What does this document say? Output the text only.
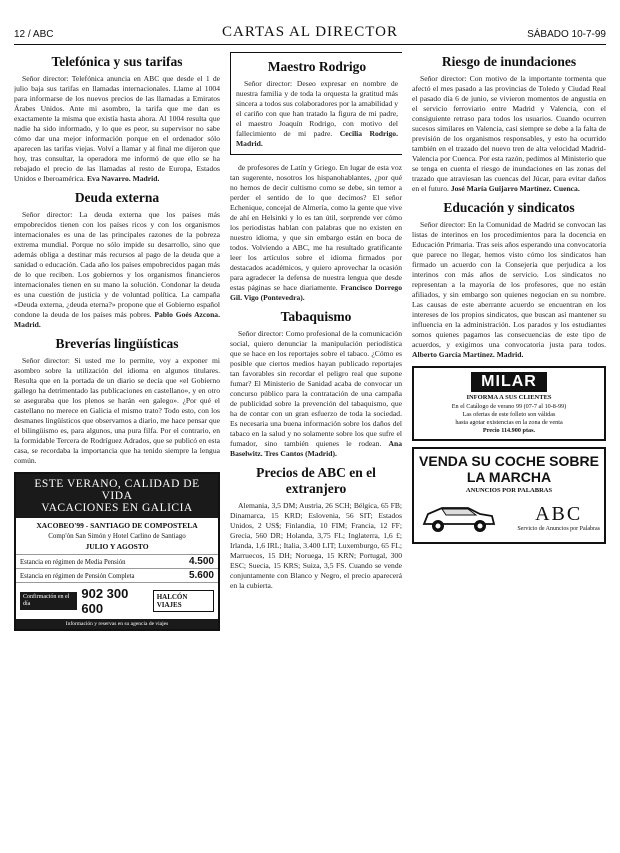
12 / ABC	CARTAS AL DIRECTOR	SÁBADO 10-7-99
Telefónica y sus tarifas

Señor director: Telefónica anuncia en ABC que desde el 1 de julio baja sus tarifas en llamadas internacionales. Llame al 1004 para informarse de los nuevos precios de las llamadas a Emiratos Árabes Unidos. Ante mi asombro, la tarifa que me dan es exactamente la misma que existía hasta ahora. Al 1004 resulta que nadie ha sido informado, y lo que es peor, su supervisor no sabe cómo dar una mejor información porque en el ordenador sólo aparecen las tarifas viejas. Volví a llamar y al final me dijeron que hoy, tras consultar, la operadora me informó de que ello se ha rebajado el precio de las llamadas al resto de Europa, Estados Unidos e Iberoamérica. Eva Navarro. Madrid.

Deuda externa

Señor director: La deuda externa que los países más empobrecidos tienen con los países ricos y con los organismos internacionales es una de las principales razones de la pobreza extrema mundial. Porque no sólo impide su desarrollo, sino que además obliga a destinar más recursos al pago de la deuda que a sanidad o educación. Cada año los países empobrecidos pagan más de lo que reciben. Los gobiernos y los organismos financieros internacionales tienen en su mano la solución. Condonar la deuda es una cuestión de justicia y de voluntad política. La campaña «Deuda externa, ¿deuda eterna?» propone que el Gobierno español condone la deuda de los países más pobres. Pablo Goés Azcona. Madrid.

Breverías lingüísticas

Señor director: Si usted me lo permite, voy a exponer mi asombro sobre la utilización del idioma en algunos titulares. Resulta que en la portada de un diario se decía que «el Gobierno gallego ha detrimentado las publicaciones en castellano», y en otro se aseguraba que los plenos se harán «en galego». ¿Por qué el castellano no merece en Galicia el mismo trato? Todo esto, con los desmanes lingüísticos que observamos a diario, me hace pensar que el bilingüismo es, para algunos, una pura filfa. Por el contrario, en la formidable Tercera de Rodríguez Adrados, que se publicó en esta casa, se recordaba la importancia que ha tenido siempre la lengua común.

ESTE VERANO, CALIDAD DE VIDA
VACACIONES EN GALICIA
XACOBEO'99 - SANTIAGO DE COMPOSTELA
Comp'ón San Simón y Hotel Carlino de Santiago
JULIO Y AGOSTO
Estancia en régimen de Media Pensión	4.500
Estancia en régimen de Pensión Completa	5.600
Confirmación en el día
902 300 600
HALCÓN VIAJES
Información y reservas en su agencia de viajes
Maestro Rodrigo

Señor director: Deseo expresar en nombre de nuestra familia y de toda la orquesta la gratitud más sincera a todos sus colaboradores por la amabilidad y el cariño con que han tratado la figura de mi padre, el maestro Joaquín Rodrigo, con motivo del fallecimiento de mi padre. Cecilia Rodrigo. Madrid.

de profesores de Latín y Griego. En lugar de esta voz tan sugerente, nosotros los hispanohablantes, ¿por qué no hemos de decir cultismo como se debe, sin temor a perder el sentido de lo que decimos? El señor Echenique, concejal de Almería, como la gente que vive de ahí en Helsinki y lo es tan útil, sorprende ver cómo los periodistas hablan con palabras que no existen en nuestro idioma, y que sin embargo están en boca de todos. Volviendo a ABC, me ha resultado gratificante leer los artículos sobre el idioma firmados por destacados académicos, y quiero aprovechar la ocasión para agradecer la defensa de nuestra lengua que desde estas páginas se hace diariamente. Francisco Dorrego Gil. Vigo (Pontevedra).

Tabaquismo

Señor director: Como profesional de la comunicación social, quiero denunciar la manipulación periodística que se hace en los reportajes sobre el tabaco. ¿Cómo es posible que ciertos medios hayan publicado reportajes tan favorables sin recordar el peligro real que supone fumar? El Ministerio de Sanidad acaba de convocar un concurso público para la contratación de una campaña de publicidad sobre la prevención del tabaquismo, que ha de contar con un gran esfuerzo de toda la sociedad. Es necesaria una buena información sobre los daños del tabaco en la salud y no solamente sobre los que sufre el fumador, sino también quienes le rodean. Ana Baselwitz. Tres Cantos (Madrid).

Precios de ABC en el extranjero

Alemania, 3,5 DM; Austria, 26 SCH; Bélgica, 65 FB; Dinamarca, 15 KRD; Eslovenia, 56 SIT; Estados Unidos, 2 US$; Finlandia, 10 FIM; Francia, 12 FF; Grecia, 560 DR; Holanda, 3,75 FL; Inglaterra, 1,6 £; Irlanda, 1,6 IRL; Italia, 3.400 LIT; Luxemburgo, 65 FL; Marruecos, 15 DH; Noruega, 15 KRN; Portugal, 300 ESC; Suecia, 15 KRS; Suiza, 3,5 FS. Cuando se vende conjuntamente con Blanco y Negro, el precio aparecerá en la cubierta.

Riesgo de inundaciones

Señor director: Con motivo de la importante tormenta que afectó el mes pasado a las provincias de Toledo y Ciudad Real el pasado día 6 de junio, se vivieron momentos de angustia en el servicio ferroviario entre Madrid y Valencia, con el consiguiente retraso para todos los usuarios. Cuando ocurren sucesos similares en Valencia, casi siempre se debe a la falta de previsión de los organismos responsables, y esto ha ocurrido también en el trazado del nuevo tren de alta velocidad Madrid-Valencia por Cuenca. Por esta razón, pedimos al Ministerio que se tenga en cuenta el riesgo de inundaciones en las zonas del trazado que atraviesan las cuencas del Júcar, para evitar daños en el futuro. José María Guijarro Martínez. Cuenca.

Educación y sindicatos

Señor director: En la Comunidad de Madrid se convocan las listas de interinos en los procedimientos para la docencia en Educación Primaria. Tras seis años esperando una convocatoria que parece no llegar, hemos visto cómo los sindicatos han firmado un acuerdo con la Consejería que perjudica a los interinos con más años de servicio. Los sindicatos no representan a la mayoría de los profesores, que no están afiliados, y sin embargo son quienes negocian en su nombre. Las causas de este aberrante acuerdo se encuentran en los intereses de los propios sindicatos, que buscan así mantener su influencia en la administración. Los parados y los estudiantes somos quienes pagamos las consecuencias de este tipo de acuerdos, y exigimos una convocatoria justa para todos. Alberto García Martínez. Madrid.

MILAR
INFORMA A SUS CLIENTES
En el Catálogo de verano 99 (07-7 al 10-8-99)
Las ofertas de este folleto son válidas
hasta agotar existencias en la zona de venta
Precio 114.900 ptas.
VENDA SU COCHE SOBRE
LA MARCHA
ANUNCIOS POR PALABRAS
ABC
Servicio de Anuncios por Palabras
